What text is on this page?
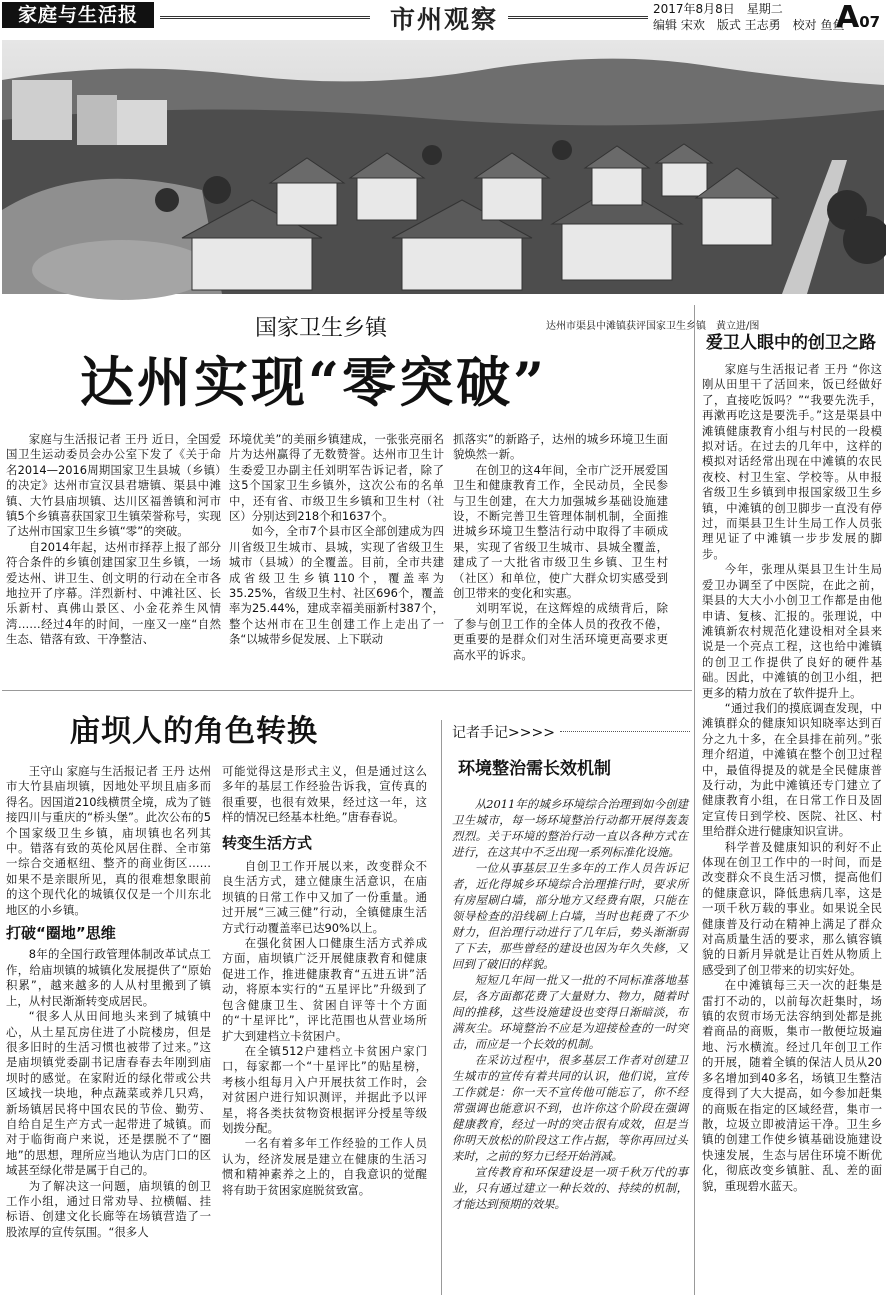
家庭与生活报	市州观察	2017年8月8日　星期二
编辑 宋欢　版式 王志勇　校对 鱼鱼
A07
达州市渠县中滩镇获评国家卫生乡镇　黄立进/图
国家卫生乡镇
达州实现“零突破”

家庭与生活报记者 王丹 近日，全国爱国卫生运动委员会办公室下发了《关于命名2014—2016周期国家卫生县城（乡镇）的决定》达州市宣汉县君塘镇、渠县中滩镇、大竹县庙坝镇、达川区福善镇和河市镇5个乡镇喜获国家卫生镇荣誉称号，实现了达州市国家卫生乡镇“零”的突破。

自2014年起，达州市择荐上报了部分符合条件的乡镇创建国家卫生乡镇，一场爱达州、讲卫生、创文明的行动在全市各地拉开了序幕。洋烈新村、中滩社区、长乐新村、真佛山景区、小金花养生风情湾……经过4年的时间，一座又一座“自然生态、错落有致、干净整洁、

环境优美”的美丽乡镇建成，一张张亮丽名片为达州赢得了无数赞誉。达州市卫生计生委爱卫办副主任刘明军告诉记者，除了这5个国家卫生乡镇外，这次公布的名单中，还有省、市级卫生乡镇和卫生村（社区）分别达到218个和1637个。

如今，全市7个县市区全部创建成为四川省级卫生城市、县城，实现了省级卫生城市（县城）的全覆盖。目前，全市共建成省级卫生乡镇110个，覆盖率为35.25%，省级卫生村、社区696个，覆盖率为25.44%，建成幸福美丽新村387个，整个达州市在卫生创建工作上走出了一条“以城带乡促发展、上下联动

抓落实”的新路子，达州的城乡环境卫生面貌焕然一新。

在创卫的这4年间，全市广泛开展爱国卫生和健康教育工作，全民动员，全民参与卫生创建，在大力加强城乡基础设施建设，不断完善卫生管理体制机制，全面推进城乡环境卫生整洁行动中取得了丰硕成果，实现了省级卫生城市、县城全覆盖，建成了一大批省市级卫生乡镇、卫生村（社区）和单位，使广大群众切实感受到创卫带来的变化和实惠。

刘明军说，在这辉煌的成绩背后，除了参与创卫工作的全体人员的孜孜不倦，更重要的是群众们对生活环境更高要求更高水平的诉求。

爱卫人眼中的创卫之路

家庭与生活报记者 王丹 “你这刚从田里干了活回来，饭已经做好了，直接吃饭吗？”“我要先洗手，再漱再吃这是要洗手。”这是渠县中滩镇健康教育小组与村民的一段模拟对话。在过去的几年中，这样的模拟对话经常出现在中滩镇的农民夜校、村卫生室、学校等。从申报省级卫生乡镇到申报国家级卫生乡镇，中滩镇的创卫脚步一直没有停过，而渠县卫生计生局工作人员张理见证了中滩镇一步步发展的脚步。

今年，张理从渠县卫生计生局爱卫办调至了中医院，在此之前，渠县的大大小小创卫工作都是由他申请、复核、汇报的。张理说，中滩镇新农村规范化建设相对全县来说是一个亮点工程，这也给中滩镇的创卫工作提供了良好的硬件基础。因此，中滩镇的创卫小组，把更多的精力放在了软件提升上。

“通过我们的摸底调查发现，中滩镇群众的健康知识知晓率达到百分之九十多，在全县排在前列。”张理介绍道，中滩镇在整个创卫过程中，最值得提及的就是全民健康普及行动，为此中滩镇还专门建立了健康教育小组，在日常工作日及固定宣传日到学校、医院、社区、村里给群众进行健康知识宣讲。

科学普及健康知识的利好不止体现在创卫工作中的一时间，而是改变群众不良生活习惯，提高他们的健康意识，降低患病几率，这是一项千秋万载的事业。如果说全民健康普及行动在精神上满足了群众对高质量生活的要求，那么镇容镇貌的日新月异就是让百姓从物质上感受到了创卫带来的切实好处。

在中滩镇每三天一次的赶集是雷打不动的，以前每次赶集时，场镇的农贸市场无法容纳到处都是挑着商品的商贩，集市一散便垃圾遍地、污水横流。经过几年创卫工作的开展，随着全镇的保洁人员从20多名增加到40多名，场镇卫生整洁度得到了大大提高，如今参加赶集的商贩在指定的区域经营，集市一散，垃圾立即被清运干净。卫生乡镇的创建工作使乡镇基础设施建设快速发展，生态与居住环境不断优化，彻底改变乡镇脏、乱、差的面貌，重现碧水蓝天。

庙坝人的角色转换

王守山 家庭与生活报记者 王丹 达州市大竹县庙坝镇，因地处平坝且庙多而得名。因国道210线横贯全境，成为了链接四川与重庆的“桥头堡”。此次公布的5个国家级卫生乡镇，庙坝镇也名列其中。错落有致的英伦风居住群、全市第一综合交通枢纽、整齐的商业街区……如果不是亲眼所见，真的很难想象眼前的这个现代化的城镇仅仅是一个川东北地区的小乡镇。

打破“圈地”思维

8年的全国行政管理体制改革试点工作，给庙坝镇的城镇化发展提供了“原始积累”，越来越多的人从村里搬到了镇上，从村民渐渐转变成居民。

“很多人从田间地头来到了城镇中心，从土星瓦房住进了小院楼房，但是很多旧时的生活习惯也被带了过来。”这是庙坝镇党委副书记唐春春去年刚到庙坝时的感觉。在家附近的绿化带或公共区域找一块地，种点蔬菜或养几只鸡，新场镇居民将中国农民的节俭、勤劳、自给自足生产方式一起带进了城镇。而对于临街商户来说，还是摆脱不了“圈地”的思想，理所应当地认为店门口的区域甚至绿化带是属于自己的。

为了解决这一问题，庙坝镇的创卫工作小组，通过日常劝导、拉横幅、挂标语、创建文化长廊等在场镇营造了一股浓厚的宣传氛围。“很多人

可能觉得这是形式主义，但是通过这么多年的基层工作经验告诉我，宣传真的很重要，也很有效果，经过这一年，这样的情况已经基本杜绝。”唐春春说。

转变生活方式

自创卫工作开展以来，改变群众不良生活方式，建立健康生活意识，在庙坝镇的日常工作中又加了一份重量。通过开展“三减三健”行动，全镇健康生活方式行动覆盖率已达90%以上。

在强化贫困人口健康生活方式养成方面，庙坝镇广泛开展健康教育和健康促进工作，推进健康教育“五进五讲”活动，将原本实行的“五星评比”升级到了包含健康卫生、贫困自评等十个方面的“十星评比”，评比范围也从营业场所扩大到建档立卡贫困户。

在全镇512户建档立卡贫困户家门口，每家都一个“十星评比”的贴星榜，考核小组每月入户开展扶贫工作时，会对贫困户进行知识测评，并据此予以评星，将各类扶贫物资根据评分授星等级划拨分配。

一名有着多年工作经验的工作人员认为，经济发展是建立在健康的生活习惯和精神素养之上的，自我意识的觉醒将有助于贫困家庭脱贫致富。

记者手记>>>>
环境整治需长效机制

从2011年的城乡环境综合治理到如今创建卫生城市，每一场环境整治行动都开展得轰轰烈烈。关于环境的整治行动一直以各种方式在进行，在这其中不乏出现一系列标准化设施。

一位从事基层卫生多年的工作人员告诉记者，近化得城乡环境综合治理推行时，要求所有房屋刷白墙，部分地方又经费有限，只能在领导检查的沿线刷上白墙，当时也耗费了不少财力，但治理行动进行了几年后，势头渐渐弱了下去，那些曾经的建设也因为年久失修，又回到了破旧的样貌。

短短几年间一批又一批的不同标准落地基层，各方面都花费了大量财力、物力，随着时间的推移，这些设施建设也变得日渐暗淡，布满灰尘。环境整治不应是为迎接检查的一时突击，而应是一个长效的机制。

在采访过程中，很多基层工作者对创建卫生城市的宣传有着共同的认识，他们说，宣传工作就是：你一天不宣传他可能忘了，你不经常强调也能意识不到，也许你这个阶段在强调健康教育，经过一时的突击很有成效，但是当你明天放松的阶段这工作占据，等你再回过头来时，之前的努力已经开始消减。

宣传教育和环保建设是一项千秋万代的事业，只有通过建立一种长效的、持续的机制，才能达到预期的效果。
